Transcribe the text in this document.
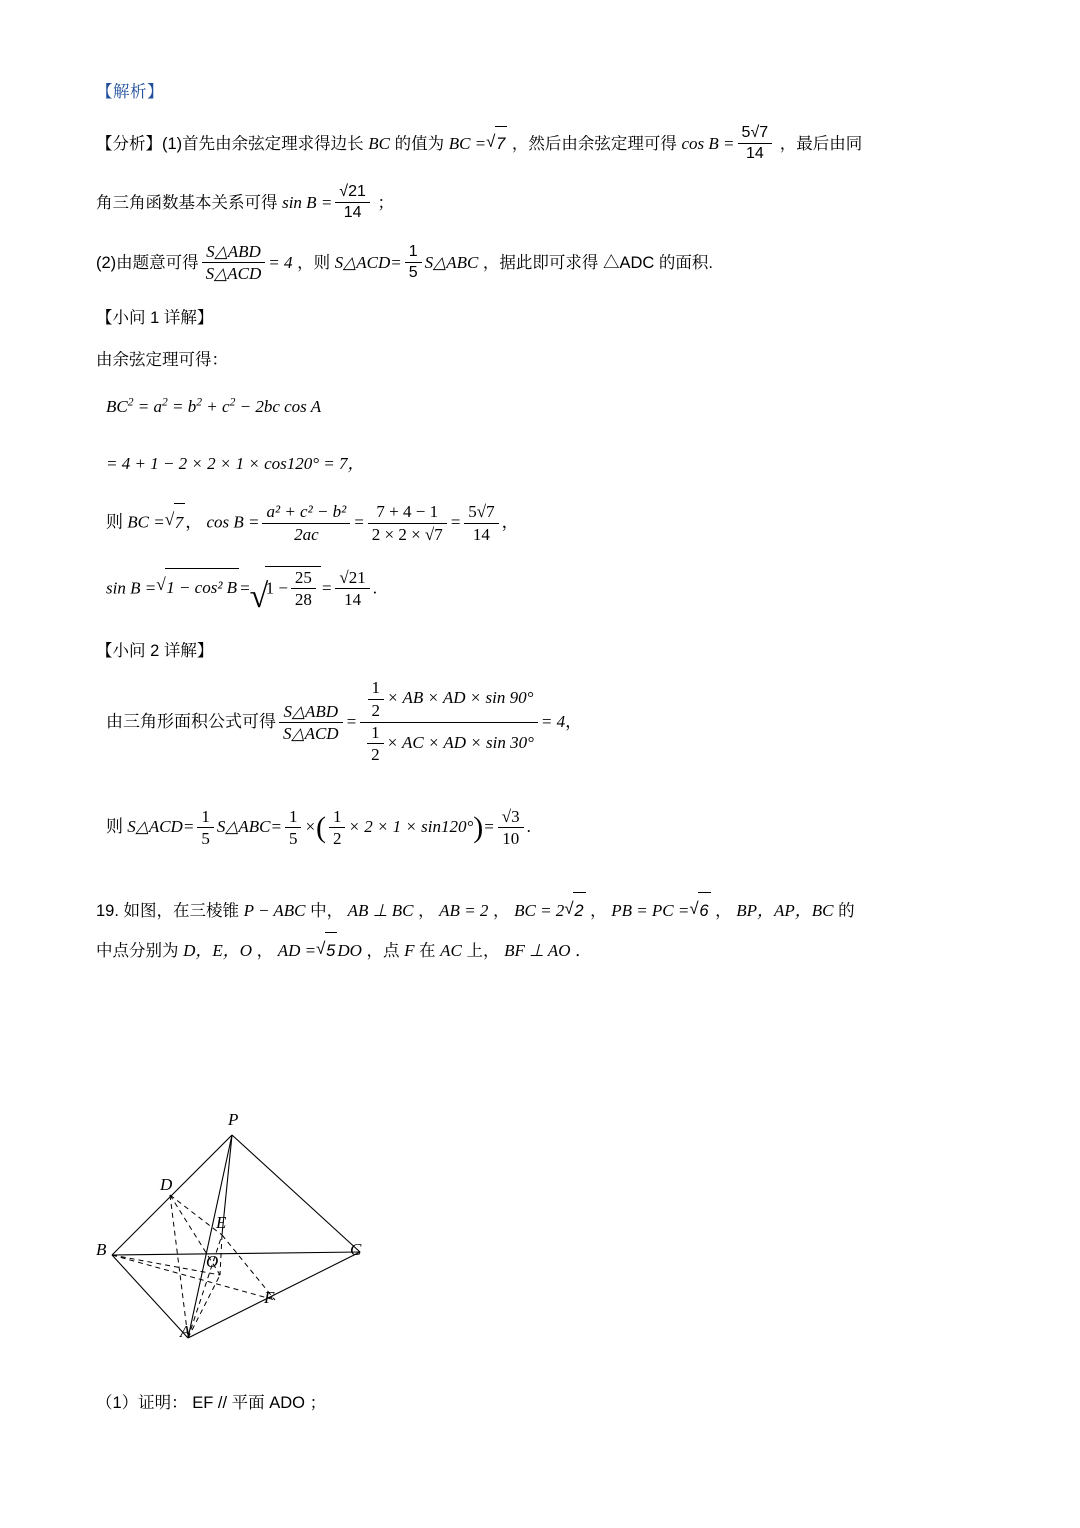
【解析】
【分析】(1)首先由余弦定理求得边长 BC 的值为 BC = √ 7 ，然后由余弦定理可得 $\cos B = \frac{5√7}{14}$ ，最后由同
角三角函数基本关系可得 $\sin B = \frac{√21}{14}$ ；
(2)由题意可得 $\frac{\text{S△ABD}}{\text{S△ACD}} = 4$ ，则 S△ACD= $\frac{1}{5}$ S△ABC ，据此即可求得 △ADC 的面积.
【小问 1 详解】
由余弦定理可得：
$BC^2 = a^2 = b^2 + c^2 - 2bc$ cos A
= 4 + 1 − 2 × 2 × 1 × cos120° = 7，
则 BC = √ 7 ， $\cos B = \frac{\text{a² + c² − b²}}{2ac} = \frac{7 + 4 - 1}{2 \times 2 \times √7} = \frac{5√7}{14}$ ，
sin B = √ 1 − cos² B = √ $1 - \frac{25}{28} = \frac{√21}{14}$ .
【小问 2 详解】
由三角形面积公式可得 $\frac{\text{S△ABD}}{\text{S△ACD}} = \frac{\frac{1}{2} \times AB \times AD \times \sin 90^\circ}{\frac{1}{2} \times AC \times AD \times \sin 30^\circ} = 4$，
则 S△ACD= $\frac{1}{5}$ S△ABC= $\frac{1}{5}$ ×( $\frac{1}{2} \times 2 \times 1 \times \sin 120^\circ)= \frac{√3}{10}$ .
19. 如图，在三棱锥 P − ABC 中， AB ⊥ BC ， AB = 2 ， BC = 2 √ 2 ， PB = PC = √ 6 ， BP，AP，BC 的
中点分别为 D，E，O ， AD = √ 5 DO ，点 F 在 AC 上， BF ⊥ AO ．
P
D
E
B
O
C
F
A
（1）证明： EF // 平面 ADO ；
